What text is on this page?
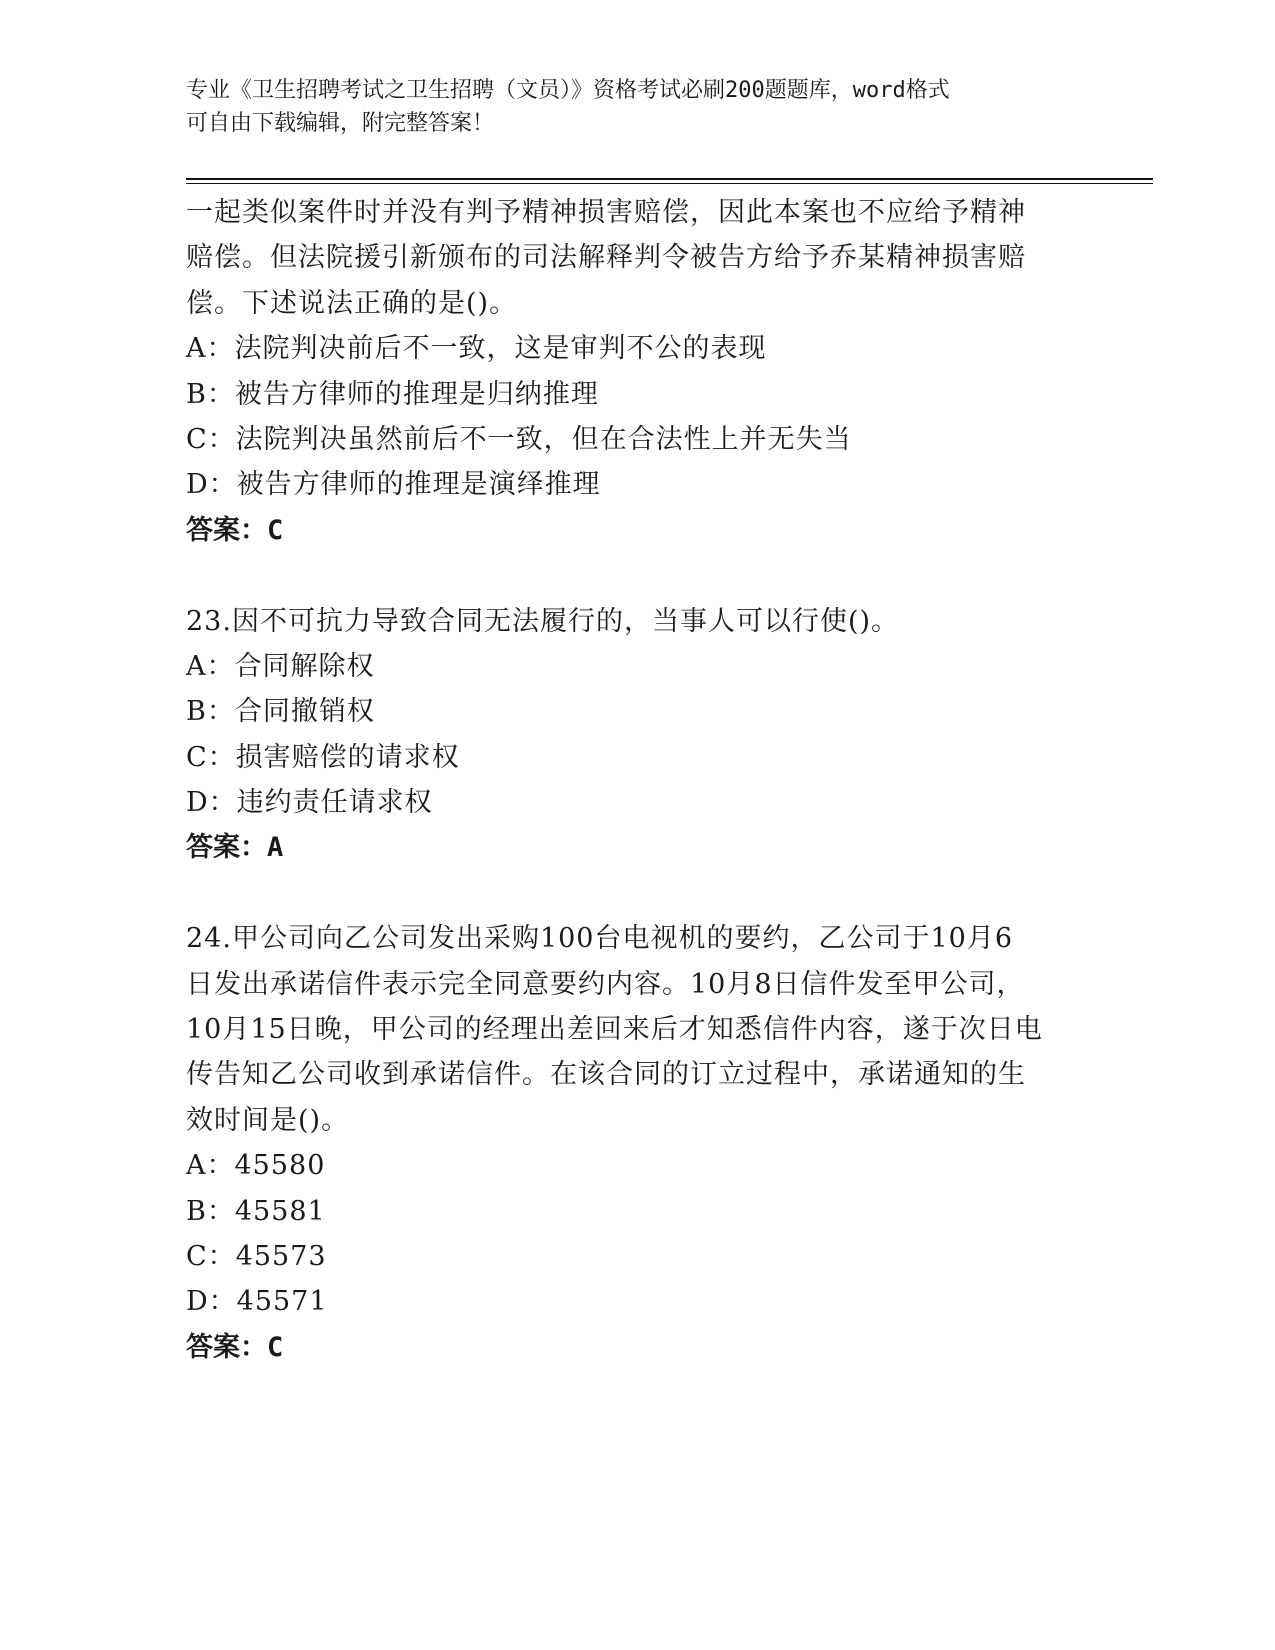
专业《卫生招聘考试之卫生招聘（文员）》资格考试必刷200题题库，word格式
可自由下载编辑，附完整答案！
一起类似案件时并没有判予精神损害赔偿，因此本案也不应给予精神
赔偿。但法院援引新颁布的司法解释判令被告方给予乔某精神损害赔
偿。下述说法正确的是()。
A：法院判决前后不一致，这是审判不公的表现
B：被告方律师的推理是归纳推理
C：法院判决虽然前后不一致，但在合法性上并无失当
D：被告方律师的推理是演绎推理
答案：C
23.因不可抗力导致合同无法履行的，当事人可以行使()。
A：合同解除权
B：合同撤销权
C：损害赔偿的请求权
D：违约责任请求权
答案：A
24.甲公司向乙公司发出采购100台电视机的要约，乙公司于10月6
日发出承诺信件表示完全同意要约内容。10月8日信件发至甲公司，
10月15日晚，甲公司的经理出差回来后才知悉信件内容，遂于次日电
传告知乙公司收到承诺信件。在该合同的订立过程中，承诺通知的生
效时间是()。
A：45580
B：45581
C：45573
D：45571
答案：C
